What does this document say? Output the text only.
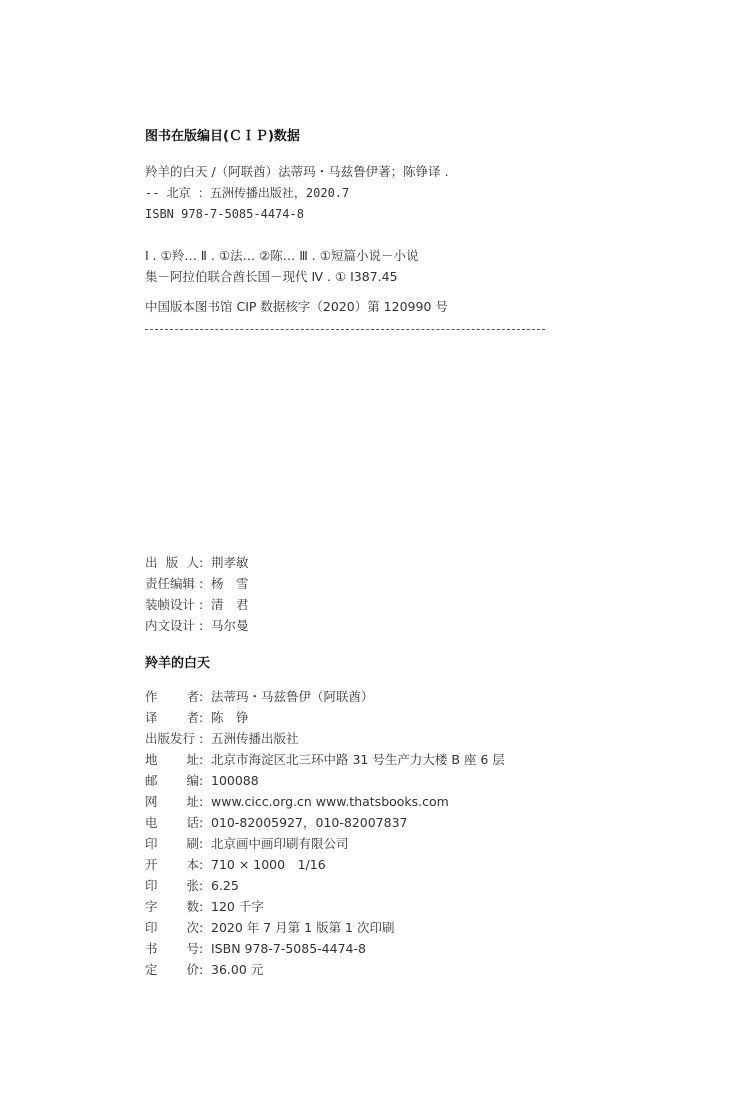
图书在版编目(ＣＩＰ)数据
羚羊的白天 /（阿联酋）法蒂玛・马兹鲁伊著；陈铮译 .
-- 北京 ：五洲传播出版社，2020.7
ISBN 978-7-5085-4474-8
Ⅰ . ①羚… Ⅱ . ①法… ②陈… Ⅲ . ①短篇小说－小说
集－阿拉伯联合酋长国－现代 Ⅳ . ① I387.45
中国版本图书馆 CIP 数据核字（2020）第 120990 号
出 版 人 : 荆孝敏
责任编辑 : 杨　雪
装帧设计 : 清　君
内文设计 : 马尔曼
羚羊的白天
作 者 : 法蒂玛・马兹鲁伊（阿联酋）
译 者 : 陈　铮
出版发行 : 五洲传播出版社
地 址 : 北京市海淀区北三环中路 31 号生产力大楼 B 座 6 层
邮 编 : 100088
网 址 : www.cicc.org.cn www.thatsbooks.com
电 话 : 010-82005927，010-82007837
印 刷 : 北京画中画印刷有限公司
开 本 : 710 × 1000　1/16
印 张 : 6.25
字 数 : 120 千字
印 次 : 2020 年 7 月第 1 版第 1 次印刷
书 号 : ISBN 978-7-5085-4474-8
定 价 : 36.00 元
